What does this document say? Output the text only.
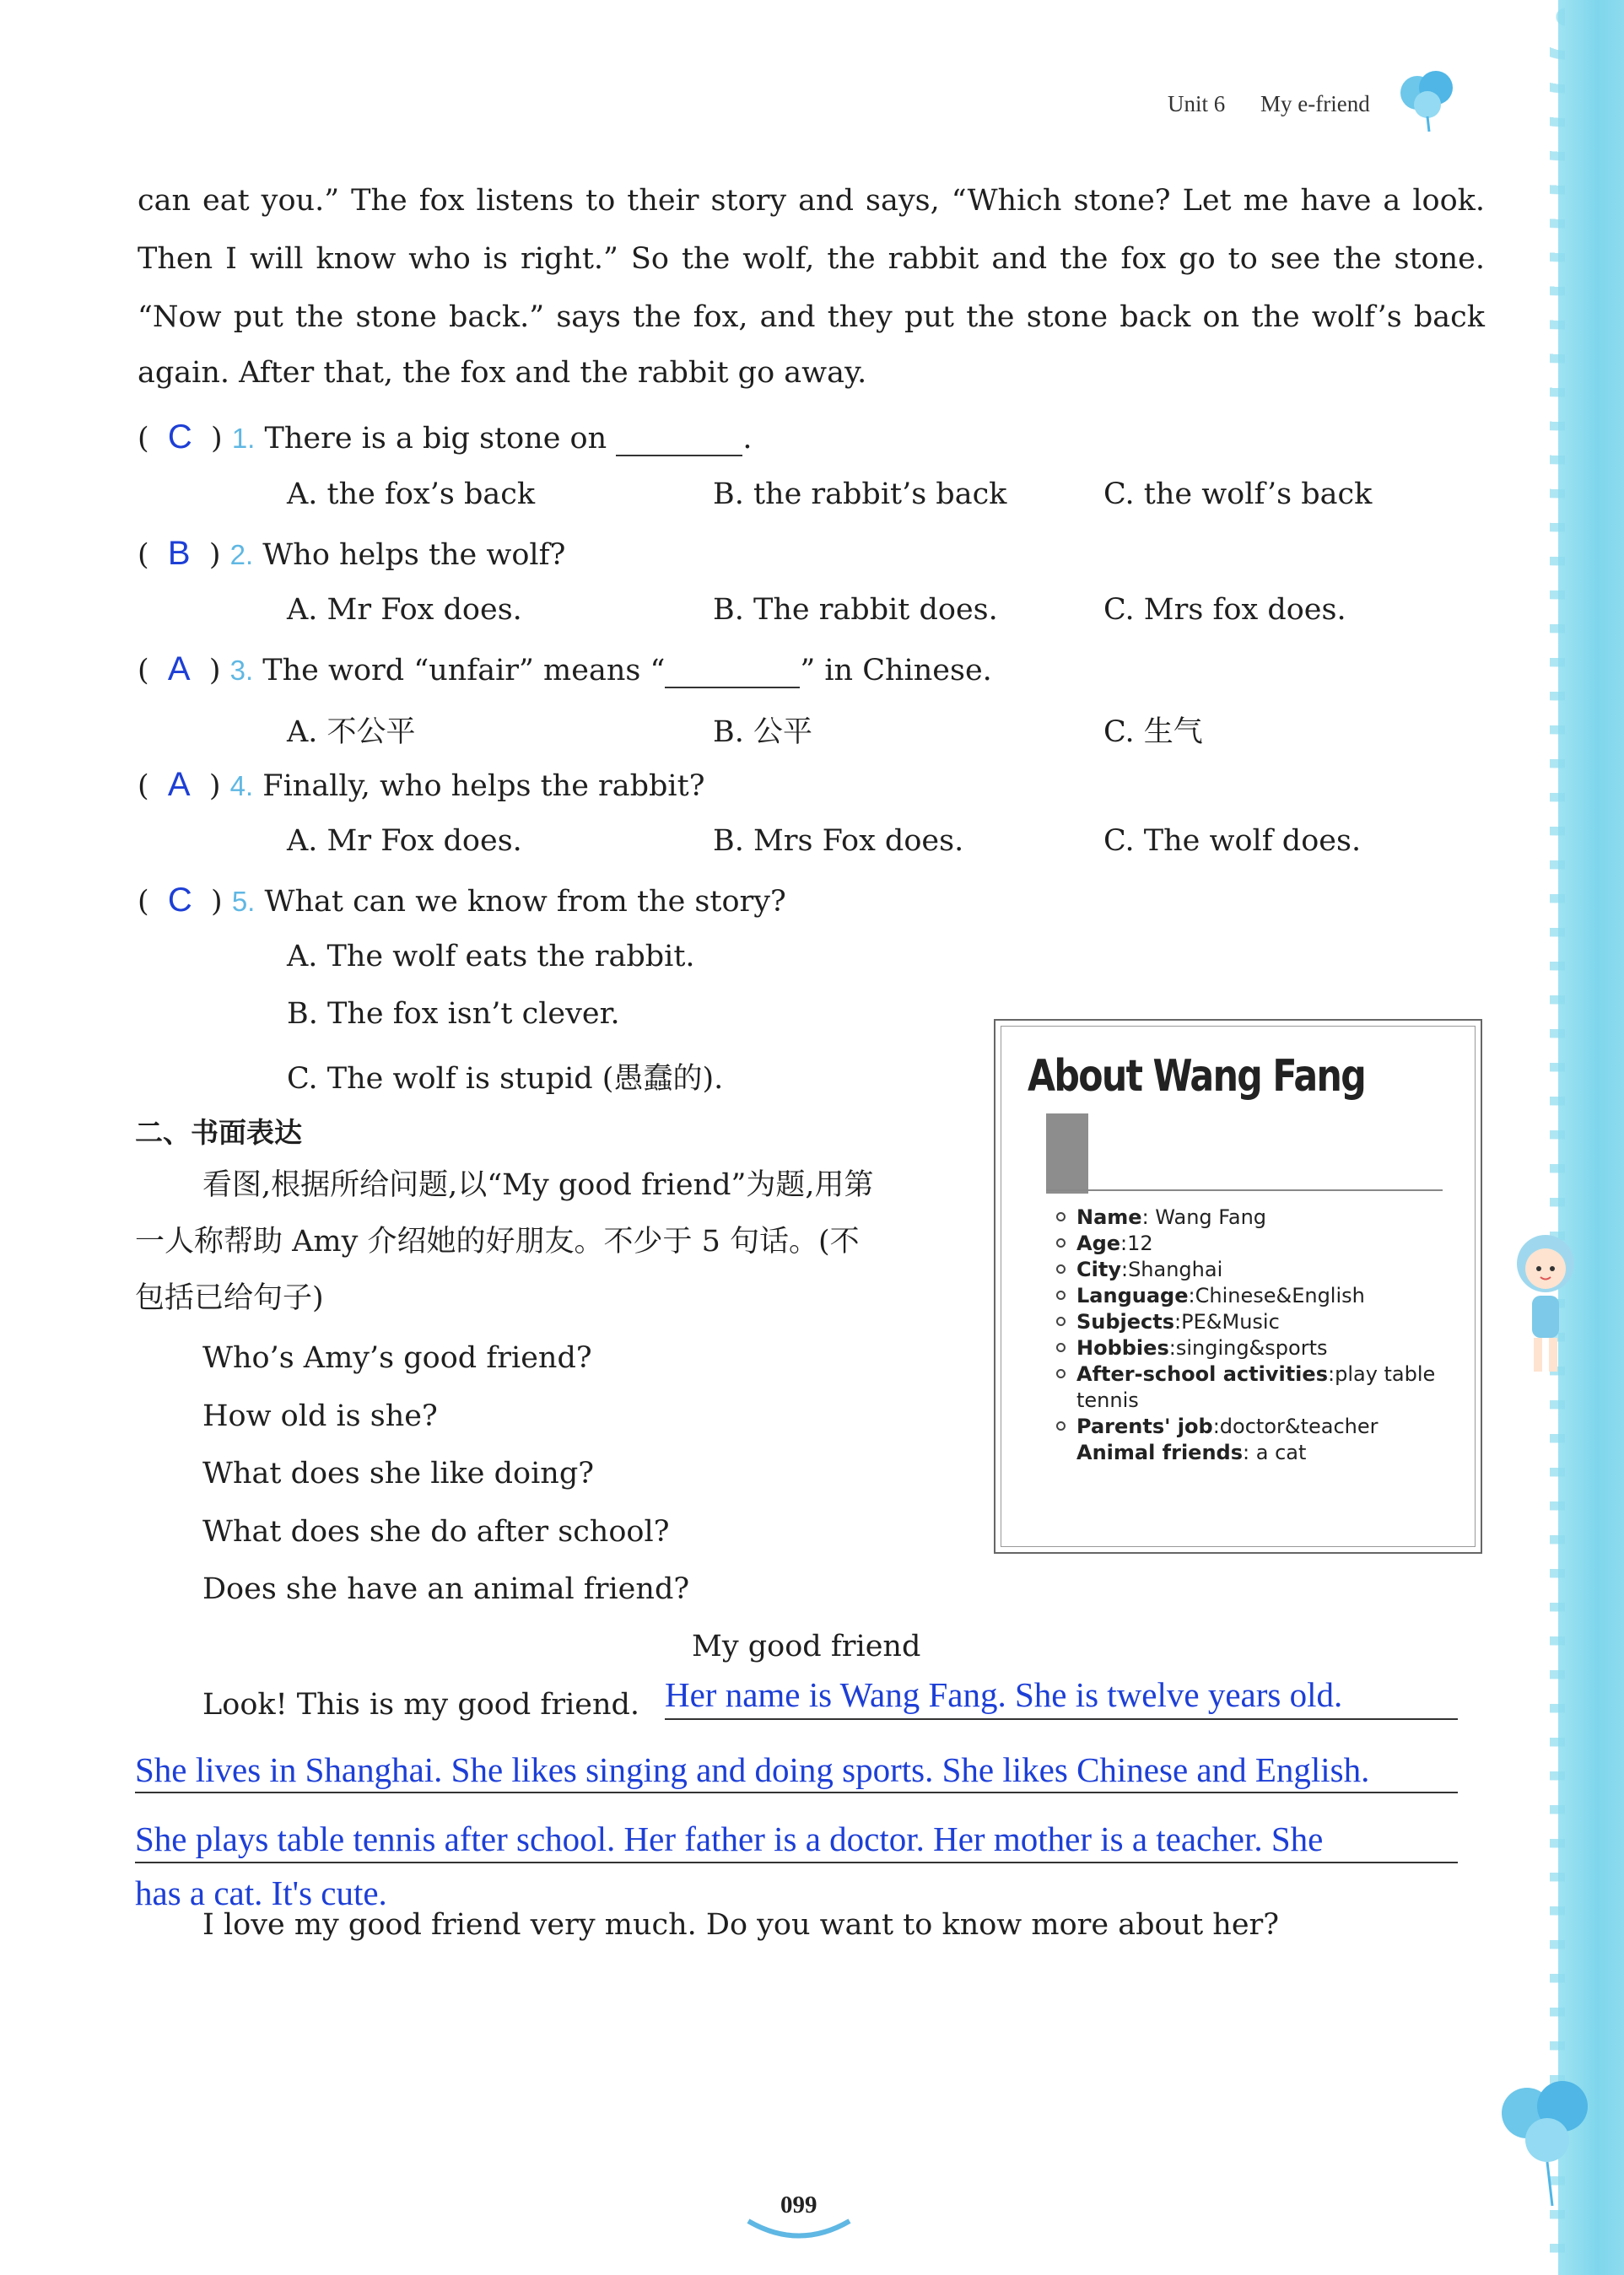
Unit 6 My e-friend
can eat you.” The fox listens to their story and says, “Which stone? Let me have a look.
Then I will know who is right.” So the wolf, the rabbit and the fox go to see the stone.
“Now put the stone back.” says the fox, and they put the stone back on the wolf’s back
again. After that, the fox and the rabbit go away.
(  C  ) 1. There is a big stone on	.
A. the fox’s back	B. the rabbit’s back	C. the wolf’s back
(  B  ) 2. Who helps the wolf?
A. Mr Fox does.	B. The rabbit does.	C. Mrs fox does.
(  A  ) 3. The word “unfair” means “	” in Chinese.
A. 不公平	B. 公平	C. 生气
(  A  ) 4. Finally, who helps the rabbit?
A. Mr Fox does.	B. Mrs Fox does.	C. The wolf does.
(  C  ) 5. What can we know from the story?
A. The wolf eats the rabbit.
B. The fox isn’t clever.
C. The wolf is stupid (愚蠢的).
二、书面表达
看图,根据所给问题,以“My good friend”为题,用第
一人称帮助 Amy 介绍她的好朋友。不少于 5 句话。(不
包括已给句子)
Who’s Amy’s good friend?
How old is she?
What does she like doing?
What does she do after school?
Does she have an animal friend?
About Wang Fang
Name: Wang Fang
Age:12
City:Shanghai
Language:Chinese&English
Subjects:PE&Music
Hobbies:singing&sports
After-school activities:play table
tennis
Parents' job:doctor&teacher
Animal friends: a cat
My good friend
Look! This is my good friend. Her name is Wang Fang. She is twelve years old.
She lives in Shanghai. She likes singing and doing sports. She likes Chinese and English.
She plays table tennis after school. Her father is a doctor. Her mother is a teacher. She
has a cat. It's cute.
I love my good friend very much. Do you want to know more about her?
099
